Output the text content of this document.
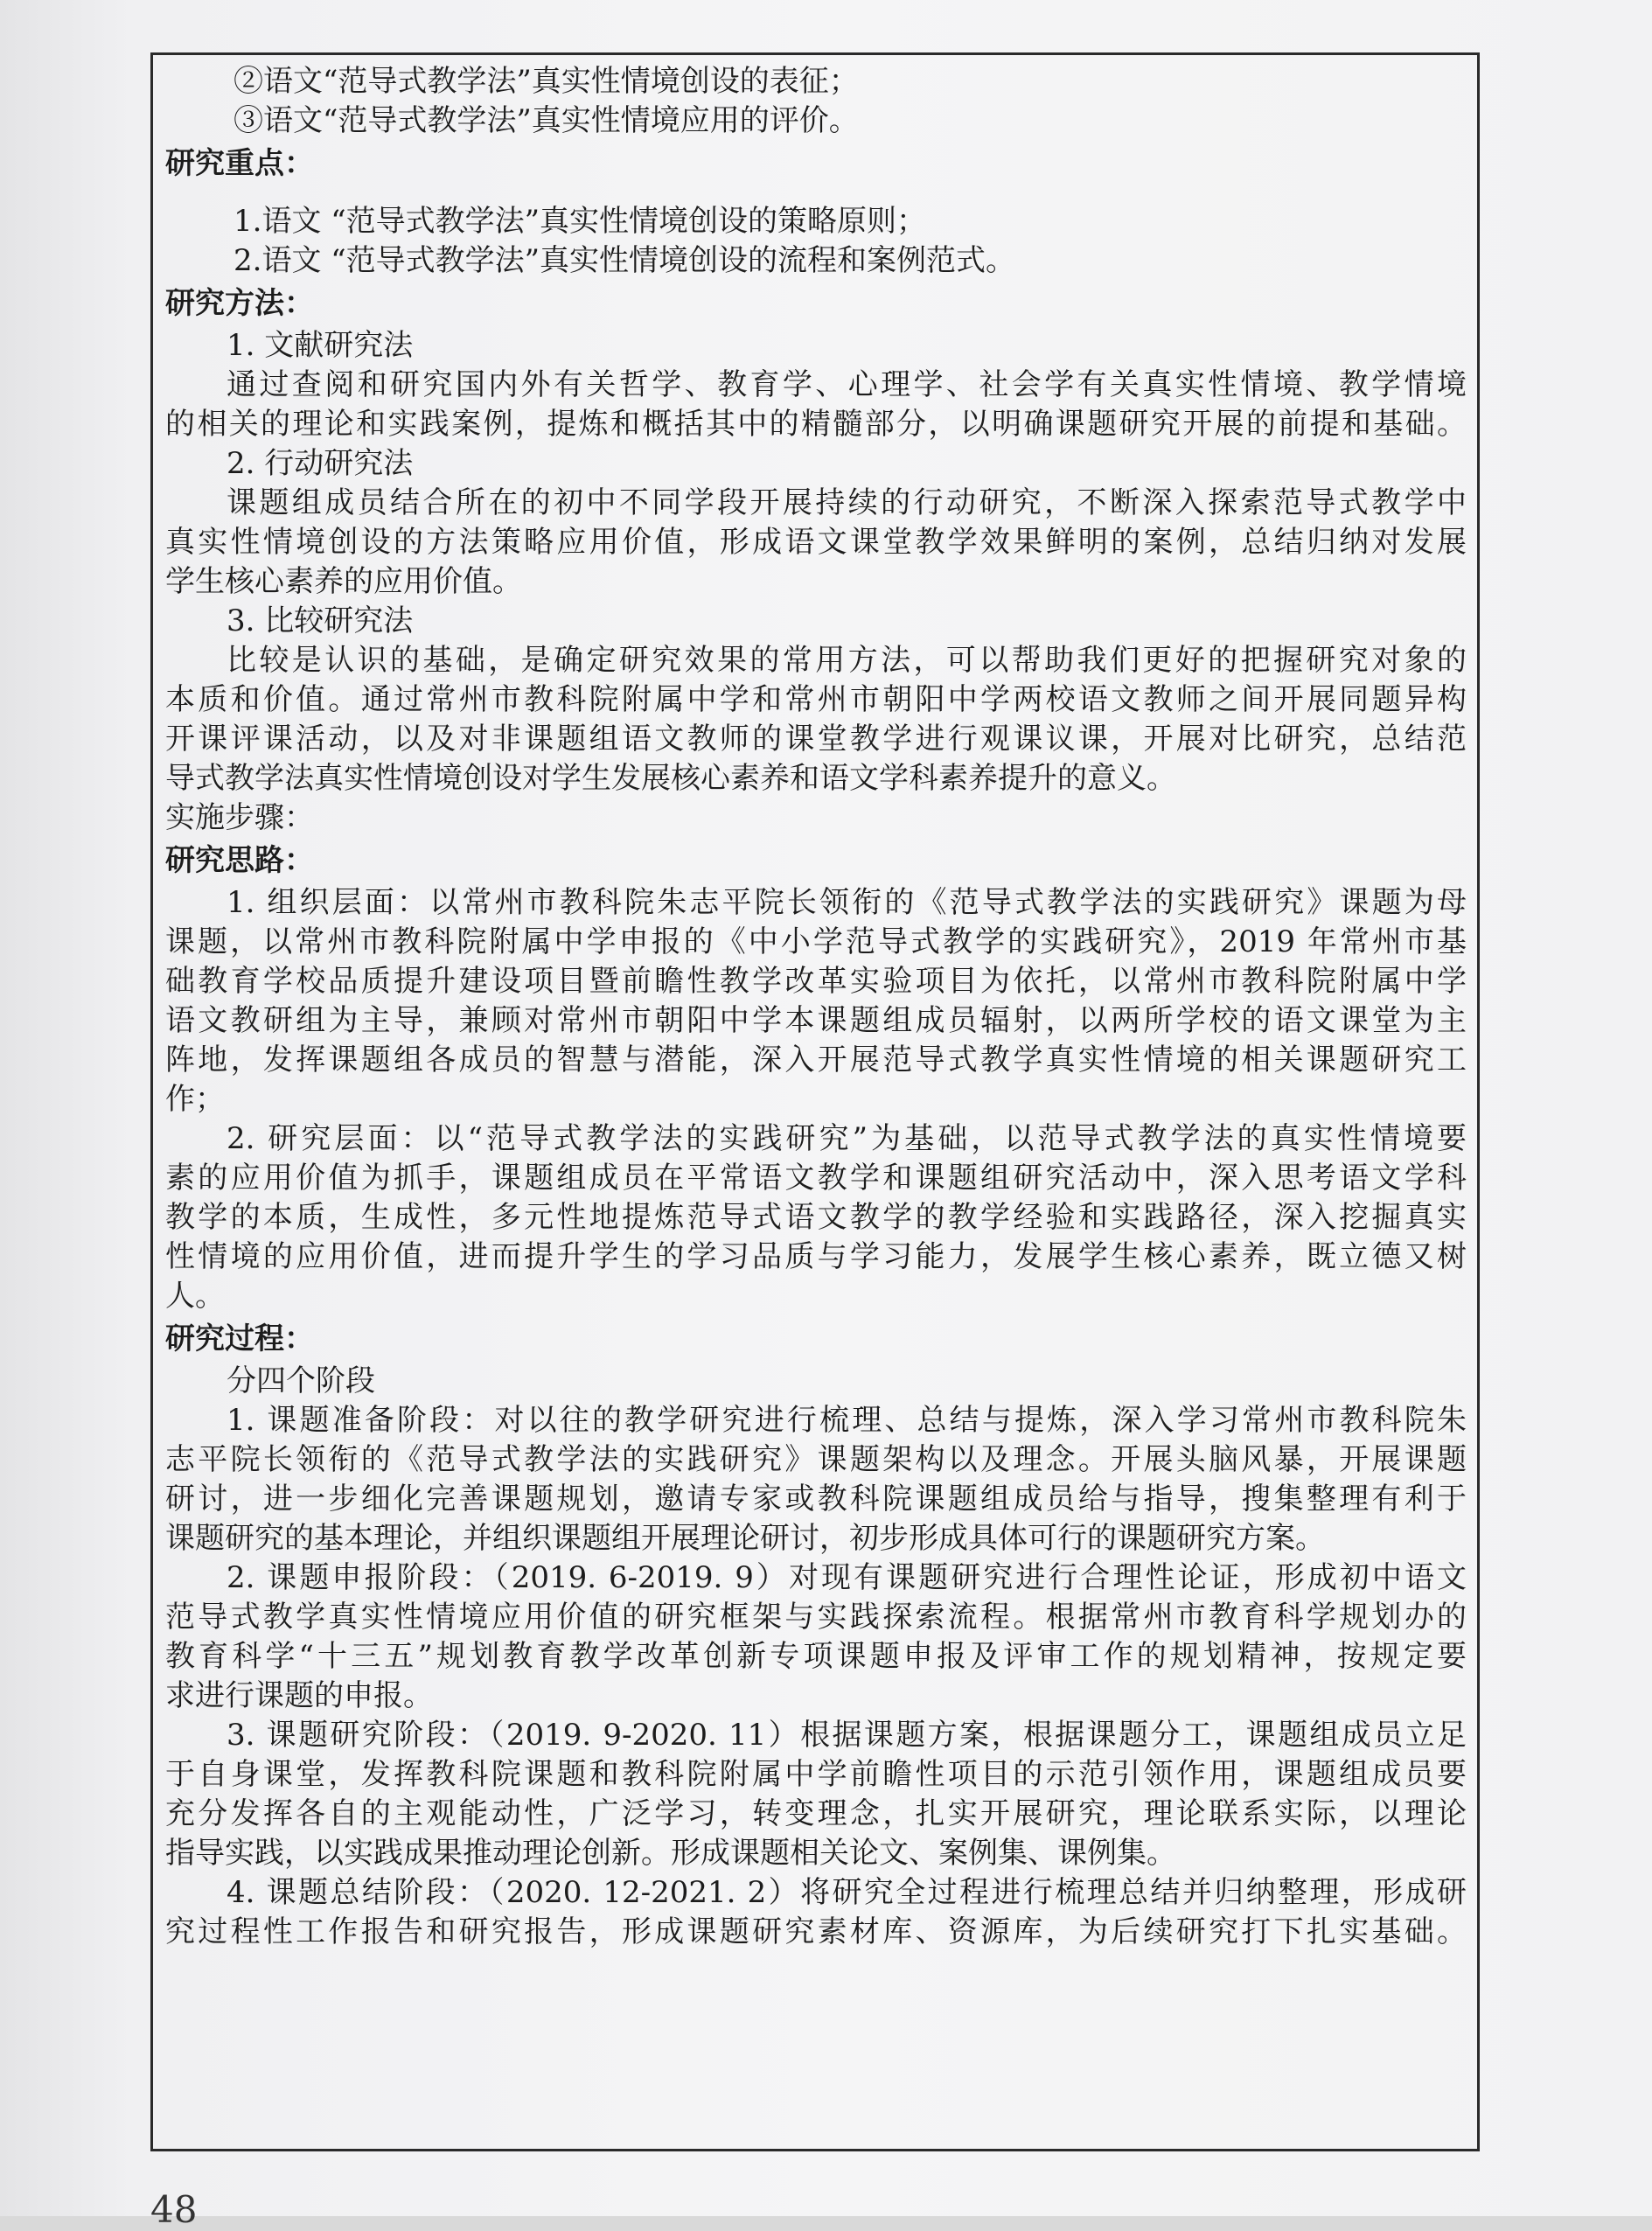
②语文“范导式教学法”真实性情境创设的表征；
③语文“范导式教学法”真实性情境应用的评价。
研究重点：
1.语文 “范导式教学法”真实性情境创设的策略原则；
2.语文 “范导式教学法”真实性情境创设的流程和案例范式。
研究方法：
1. 文献研究法
通过查阅和研究国内外有关哲学、教育学、心理学、社会学有关真实性情境、教学情境
的相关的理论和实践案例，提炼和概括其中的精髓部分，以明确课题研究开展的前提和基础。
2. 行动研究法
课题组成员结合所在的初中不同学段开展持续的行动研究，不断深入探索范导式教学中
真实性情境创设的方法策略应用价值，形成语文课堂教学效果鲜明的案例，总结归纳对发展
学生核心素养的应用价值。
3. 比较研究法
比较是认识的基础，是确定研究效果的常用方法，可以帮助我们更好的把握研究对象的
本质和价值。通过常州市教科院附属中学和常州市朝阳中学两校语文教师之间开展同题异构
开课评课活动，以及对非课题组语文教师的课堂教学进行观课议课，开展对比研究，总结范
导式教学法真实性情境创设对学生发展核心素养和语文学科素养提升的意义。
实施步骤：
研究思路：
1. 组织层面：以常州市教科院朱志平院长领衔的《范导式教学法的实践研究》课题为母
课题，以常州市教科院附属中学申报的《中小学范导式教学的实践研究》，2019 年常州市基
础教育学校品质提升建设项目暨前瞻性教学改革实验项目为依托，以常州市教科院附属中学
语文教研组为主导，兼顾对常州市朝阳中学本课题组成员辐射，以两所学校的语文课堂为主
阵地，发挥课题组各成员的智慧与潜能，深入开展范导式教学真实性情境的相关课题研究工
作；
2. 研究层面：以“范导式教学法的实践研究”为基础，以范导式教学法的真实性情境要
素的应用价值为抓手，课题组成员在平常语文教学和课题组研究活动中，深入思考语文学科
教学的本质，生成性，多元性地提炼范导式语文教学的教学经验和实践路径，深入挖掘真实
性情境的应用价值，进而提升学生的学习品质与学习能力，发展学生核心素养，既立德又树
人。
研究过程：
分四个阶段
1. 课题准备阶段：对以往的教学研究进行梳理、总结与提炼，深入学习常州市教科院朱
志平院长领衔的《范导式教学法的实践研究》课题架构以及理念。开展头脑风暴，开展课题
研讨，进一步细化完善课题规划，邀请专家或教科院课题组成员给与指导，搜集整理有利于
课题研究的基本理论，并组织课题组开展理论研讨，初步形成具体可行的课题研究方案。
2. 课题申报阶段：（2019. 6-2019. 9）对现有课题研究进行合理性论证，形成初中语文
范导式教学真实性情境应用价值的研究框架与实践探索流程。根据常州市教育科学规划办的
教育科学“十三五”规划教育教学改革创新专项课题申报及评审工作的规划精神，按规定要
求进行课题的申报。
3. 课题研究阶段：（2019. 9-2020. 11）根据课题方案，根据课题分工，课题组成员立足
于自身课堂，发挥教科院课题和教科院附属中学前瞻性项目的示范引领作用，课题组成员要
充分发挥各自的主观能动性，广泛学习，转变理念，扎实开展研究，理论联系实际，以理论
指导实践，以实践成果推动理论创新。形成课题相关论文、案例集、课例集。
4. 课题总结阶段：（2020. 12-2021. 2）将研究全过程进行梳理总结并归纳整理，形成研
究过程性工作报告和研究报告，形成课题研究素材库、资源库，为后续研究打下扎实基础。
48
